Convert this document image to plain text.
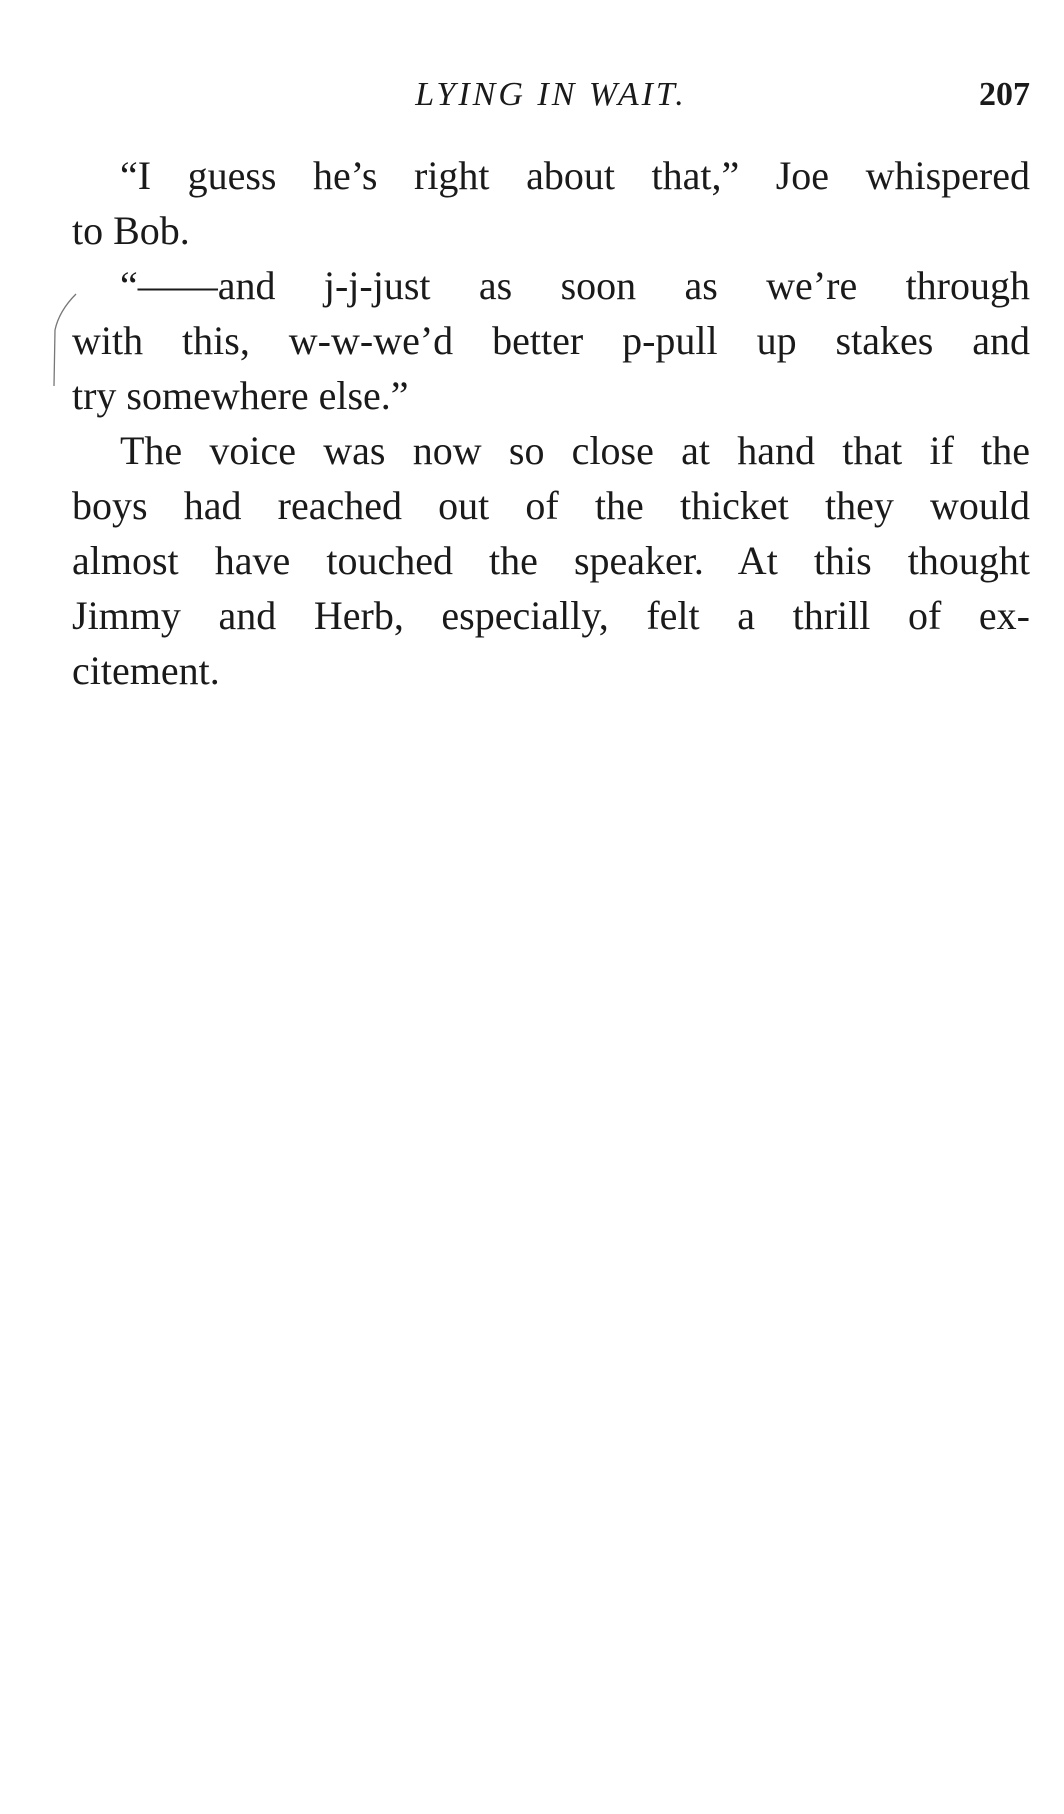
LYING IN WAIT.	207

“I guess he’s right about that,” Joe whispered
to Bob.

“——and j-j-just as soon as we’re through
with this, w-w-we’d better p-pull up stakes and
try somewhere else.”

The voice was now so close at hand that if the
boys had reached out of the thicket they would
almost have touched the speaker. At this thought
Jimmy and Herb, especially, felt a thrill of ex-
citement.
